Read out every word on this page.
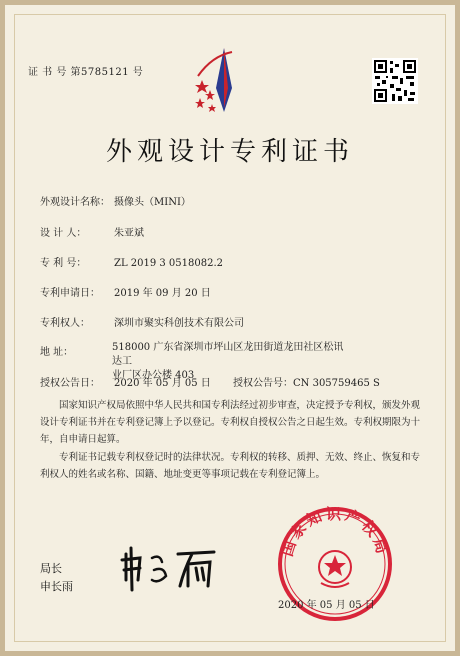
证 书 号 第5785121 号
外观设计专利证书
外观设计名称： 摄像头（MINI）
设 计 人：	朱亚斌
专 利 号：	ZL 2019 3 0518082.2
专利申请日： 2019 年 09 月 20 日
专利权人： 深圳市聚实科创技术有限公司
地 址：	518000 广东省深圳市坪山区龙田街道龙田社区松讯达工
业厂区办公楼 403
授权公告日： 2020 年 05 月 05 日 授权公告号：CN 305759465 S
国家知识产权局依照中华人民共和国专利法经过初步审查，决定授予专利权，颁发外观设计专利证书并在专利登记簿上予以登记。专利权自授权公告之日起生效。专利权期限为十年，自申请日起算。
专利证书记载专利权登记时的法律状况。专利权的转移、质押、无效、终止、恢复和专利权人的姓名或名称、国籍、地址变更等事项记载在专利登记簿上。
局长
申长雨
国家知识产权局
2020 年 05 月 05 日
